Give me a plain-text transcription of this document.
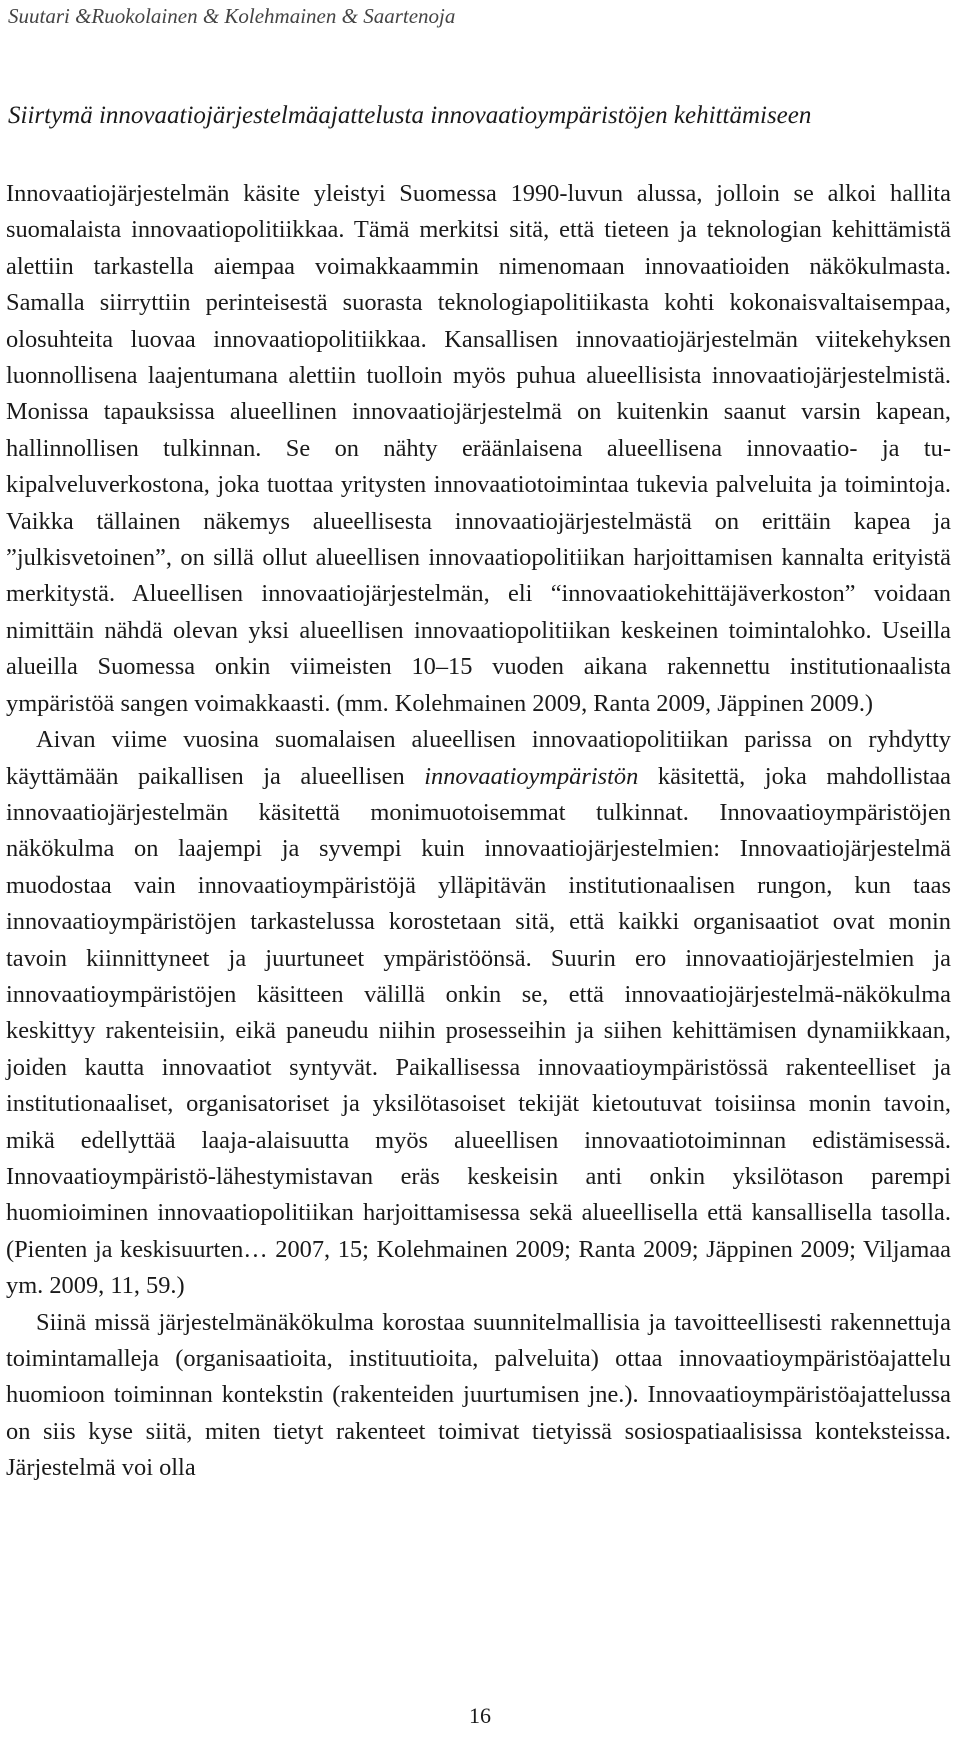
Suutari &Ruokolainen & Kolehmainen & Saartenoja
Siirtymä innovaatiojärjestelmäajattelusta innovaatioympäristöjen kehittämiseen

Innovaatiojärjestelmän käsite yleistyi Suomessa 1990-luvun alussa, jolloin se alkoi hallita suomalaista innovaatiopolitiikkaa. Tämä merkitsi sitä, että tieteen ja teknologian kehittämistä alettiin tarkastella aiempaa voimakkaammin nimenomaan innovaatioiden näkökulmasta. Samalla siirryttiin perinteisestä suorasta teknologiapolitiikasta kohti kokonaisvaltaisempaa, olosuhteita luovaa innovaatiopolitiikkaa. Kansallisen innovaatiojärjestelmän viitekehyksen luonnollisena laajentumana alettiin tuolloin myös puhua alueellisista innovaatiojärjestelmistä. Monissa tapauksissa alueellinen innovaatiojärjestelmä on kuitenkin saanut varsin kapean, hallinnollisen tulkinnan. Se on nähty eräänlaisena alueellisena innovaatio- ja tukipalveluverkostona, joka tuottaa yritysten innovaatiotoimintaa tukevia palveluita ja toimintoja. Vaikka tällainen näkemys alueellisesta innovaatiojärjestelmästä on erittäin kapea ja ”julkisvetoinen”, on sillä ollut alueellisen innovaatiopolitiikan harjoittamisen kannalta erityistä merkitystä. Alueellisen innovaatiojärjestelmän, eli “innovaatiokehittäjäverkoston” voidaan nimittäin nähdä olevan yksi alueellisen innovaatiopolitiikan keskeinen toimintalohko. Useilla alueilla Suomessa onkin viimeisten 10–15 vuoden aikana rakennettu institutionaalista ympäristöä sangen voimakkaasti. (mm. Kolehmainen 2009, Ranta 2009, Jäppinen 2009.)

Aivan viime vuosina suomalaisen alueellisen innovaatiopolitiikan parissa on ryhdytty käyttämään paikallisen ja alueellisen innovaatioympäristön käsitettä, joka mahdollistaa innovaatiojärjestelmän käsitettä monimuotoisemmat tulkinnat. Innovaatioympäristöjen näkökulma on laajempi ja syvempi kuin innovaatiojärjestelmien: Innovaatiojärjestelmä muodostaa vain innovaatioympäristöjä ylläpitävän institutionaalisen rungon, kun taas innovaatioympäristöjen tarkastelussa korostetaan sitä, että kaikki organisaatiot ovat monin tavoin kiinnittyneet ja juurtuneet ympäristöönsä. Suurin ero innovaatiojärjestelmien ja innovaatioympäristöjen käsitteen välillä onkin se, että innovaatiojärjestelmä-näkökulma keskittyy rakenteisiin, eikä paneudu niihin prosesseihin ja siihen kehittämisen dynamiikkaan, joiden kautta innovaatiot syntyvät. Paikallisessa innovaatioympäristössä rakenteelliset ja institutionaaliset, organisatoriset ja yksilötasoiset tekijät kietoutuvat toisiinsa monin tavoin, mikä edellyttää laaja-alaisuutta myös alueellisen innovaatiotoiminnan edistämisessä. Innovaatioympäristö-lähestymistavan eräs keskeisin anti onkin yksilötason parempi huomioiminen innovaatiopolitiikan harjoittamisessa sekä alueellisella että kansallisella tasolla. (Pienten ja keskisuurten… 2007, 15; Kolehmainen 2009; Ranta 2009; Jäppinen 2009; Viljamaa ym. 2009, 11, 59.)

Siinä missä järjestelmänäkökulma korostaa suunnitelmallisia ja tavoitteellisesti rakennettuja toimintamalleja (organisaatioita, instituutioita, palveluita) ottaa innovaatioympäristöajattelu huomioon toiminnan kontekstin (rakenteiden juurtumisen jne.). Innovaatioympäristöajattelussa on siis kyse siitä, miten tietyt rakenteet toimivat tietyissä sosiospatiaalisissa konteksteissa. Järjestelmä voi olla

16
